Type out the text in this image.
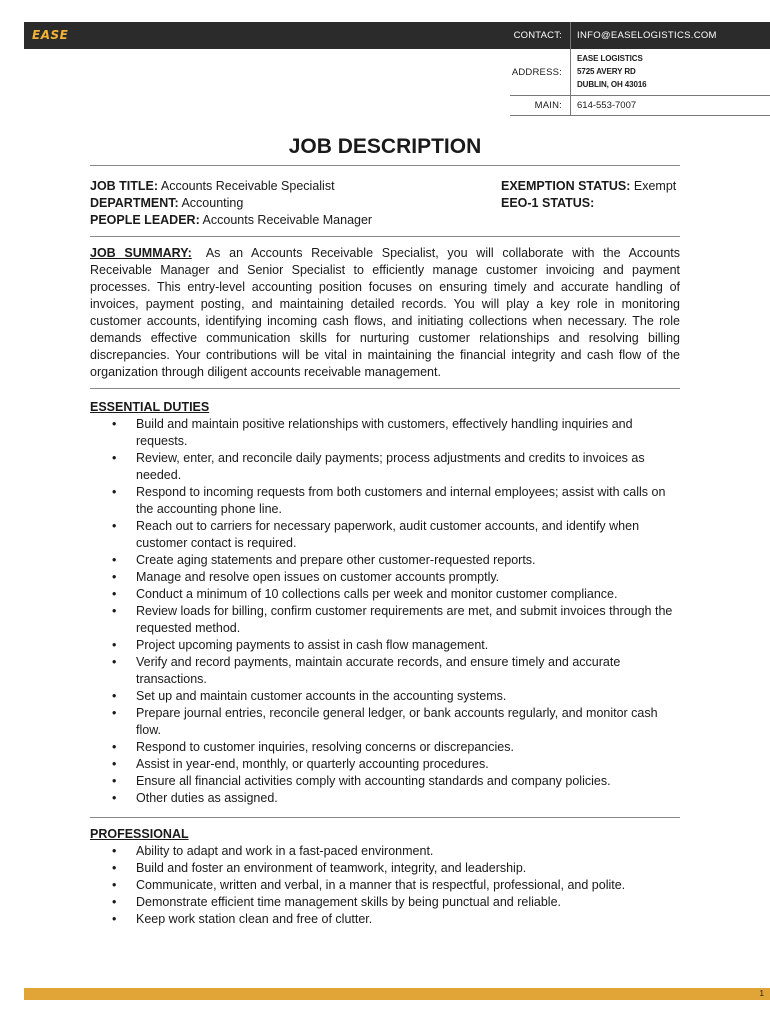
EASE	CONTACT:	INFO@EASELOGISTICS.COM
ADDRESS:
EASE LOGISTICS
5725 AVERY RD
DUBLIN, OH 43016
MAIN:	614-553-7007
JOB DESCRIPTION
JOB TITLE: Accounts Receivable Specialist
DEPARTMENT: Accounting
PEOPLE LEADER: Accounts Receivable Manager
EXEMPTION STATUS: Exempt
EEO-1 STATUS:
JOB SUMMARY: As an Accounts Receivable Specialist, you will collaborate with the Accounts Receivable Manager and Senior Specialist to efficiently manage customer invoicing and payment processes. This entry-level accounting position focuses on ensuring timely and accurate handling of invoices, payment posting, and maintaining detailed records. You will play a key role in monitoring customer accounts, identifying incoming cash flows, and initiating collections when necessary. The role demands effective communication skills for nurturing customer relationships and resolving billing discrepancies. Your contributions will be vital in maintaining the financial integrity and cash flow of the organization through diligent accounts receivable management.
ESSENTIAL DUTIES
• Build and maintain positive relationships with customers, effectively handling inquiries and requests.
• Review, enter, and reconcile daily payments; process adjustments and credits to invoices as needed.
• Respond to incoming requests from both customers and internal employees; assist with calls on the accounting phone line.
• Reach out to carriers for necessary paperwork, audit customer accounts, and identify when customer contact is required.
• Create aging statements and prepare other customer-requested reports.
• Manage and resolve open issues on customer accounts promptly.
• Conduct a minimum of 10 collections calls per week and monitor customer compliance.
• Review loads for billing, confirm customer requirements are met, and submit invoices through the requested method.
• Project upcoming payments to assist in cash flow management.
• Verify and record payments, maintain accurate records, and ensure timely and accurate transactions.
• Set up and maintain customer accounts in the accounting systems.
• Prepare journal entries, reconcile general ledger, or bank accounts regularly, and monitor cash flow.
• Respond to customer inquiries, resolving concerns or discrepancies.
• Assist in year-end, monthly, or quarterly accounting procedures.
• Ensure all financial activities comply with accounting standards and company policies.
• Other duties as assigned.
PROFESSIONAL
• Ability to adapt and work in a fast-paced environment.
• Build and foster an environment of teamwork, integrity, and leadership.
• Communicate, written and verbal, in a manner that is respectful, professional, and polite.
• Demonstrate efficient time management skills by being punctual and reliable.
• Keep work station clean and free of clutter.
1
